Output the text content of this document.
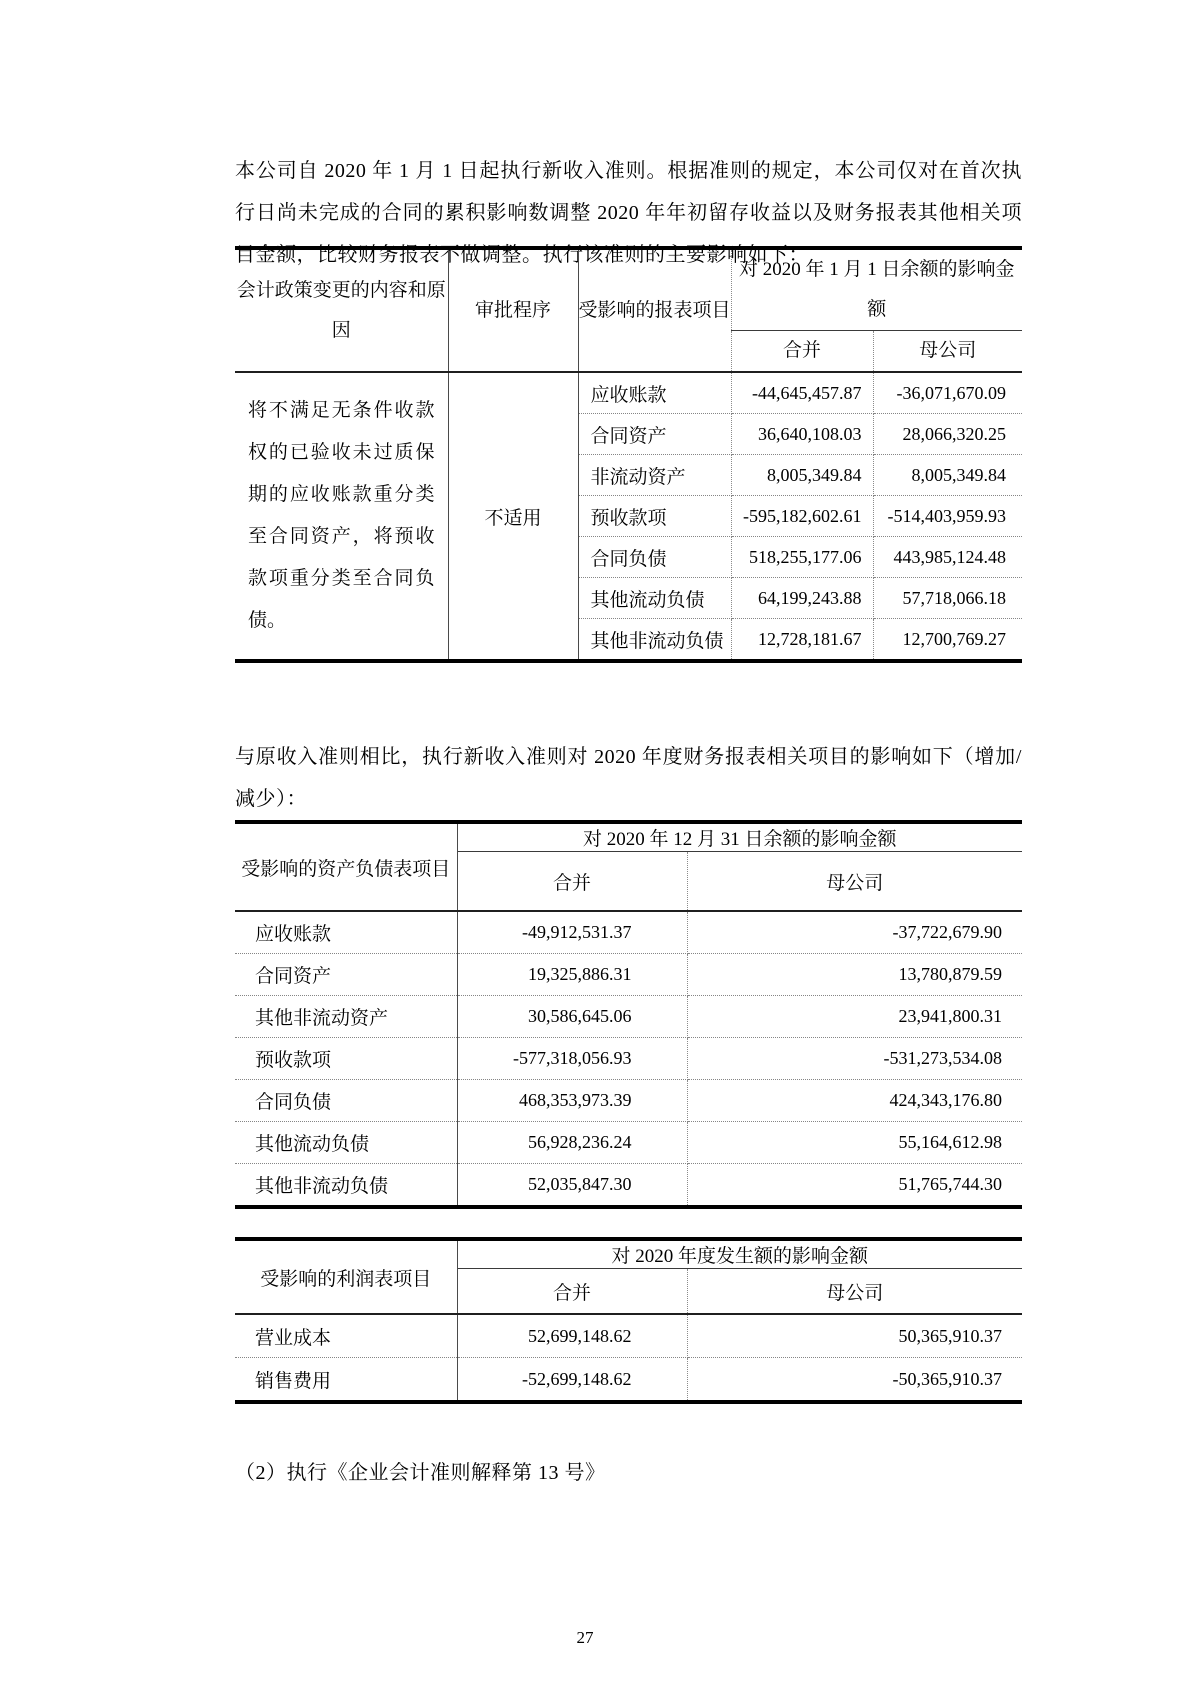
本公司自 2020 年 1 月 1 日起执行新收入准则。根据准则的规定，本公司仅对在首次执行日尚未完成的合同的累积影响数调整 2020 年年初留存收益以及财务报表其他相关项目金额，比较财务报表不做调整。执行该准则的主要影响如下：

会计政策变更的内容和原因	审批程序	受影响的报表项目	对 2020 年 1 月 1 日余额的影响金额	
			合并	母公司
将不满足无条件收款权的已验收未过质保期的应收账款重分类至合同资产，将预收款项重分类至合同负债。	不适用	应收账款	-44,645,457.87	-36,071,670.09
		合同资产	36,640,108.03	28,066,320.25
		非流动资产	8,005,349.84	8,005,349.84
		预收款项	-595,182,602.61	-514,403,959.93
		合同负债	518,255,177.06	443,985,124.48
		其他流动负债	64,199,243.88	57,718,066.18
		其他非流动负债	12,728,181.67	12,700,769.27

与原收入准则相比，执行新收入准则对 2020 年度财务报表相关项目的影响如下（增加/减少）：

受影响的资产负债表项目	对 2020 年 12 月 31 日余额的影响金额	
	合并	母公司
应收账款	-49,912,531.37	-37,722,679.90
合同资产	19,325,886.31	13,780,879.59
其他非流动资产	30,586,645.06	23,941,800.31
预收款项	-577,318,056.93	-531,273,534.08
合同负债	468,353,973.39	424,343,176.80
其他流动负债	56,928,236.24	55,164,612.98
其他非流动负债	52,035,847.30	51,765,744.30
受影响的利润表项目	对 2020 年度发生额的影响金额	
	合并	母公司
营业成本	52,699,148.62	50,365,910.37
销售费用	-52,699,148.62	-50,365,910.37

（2）执行《企业会计准则解释第 13 号》

27
